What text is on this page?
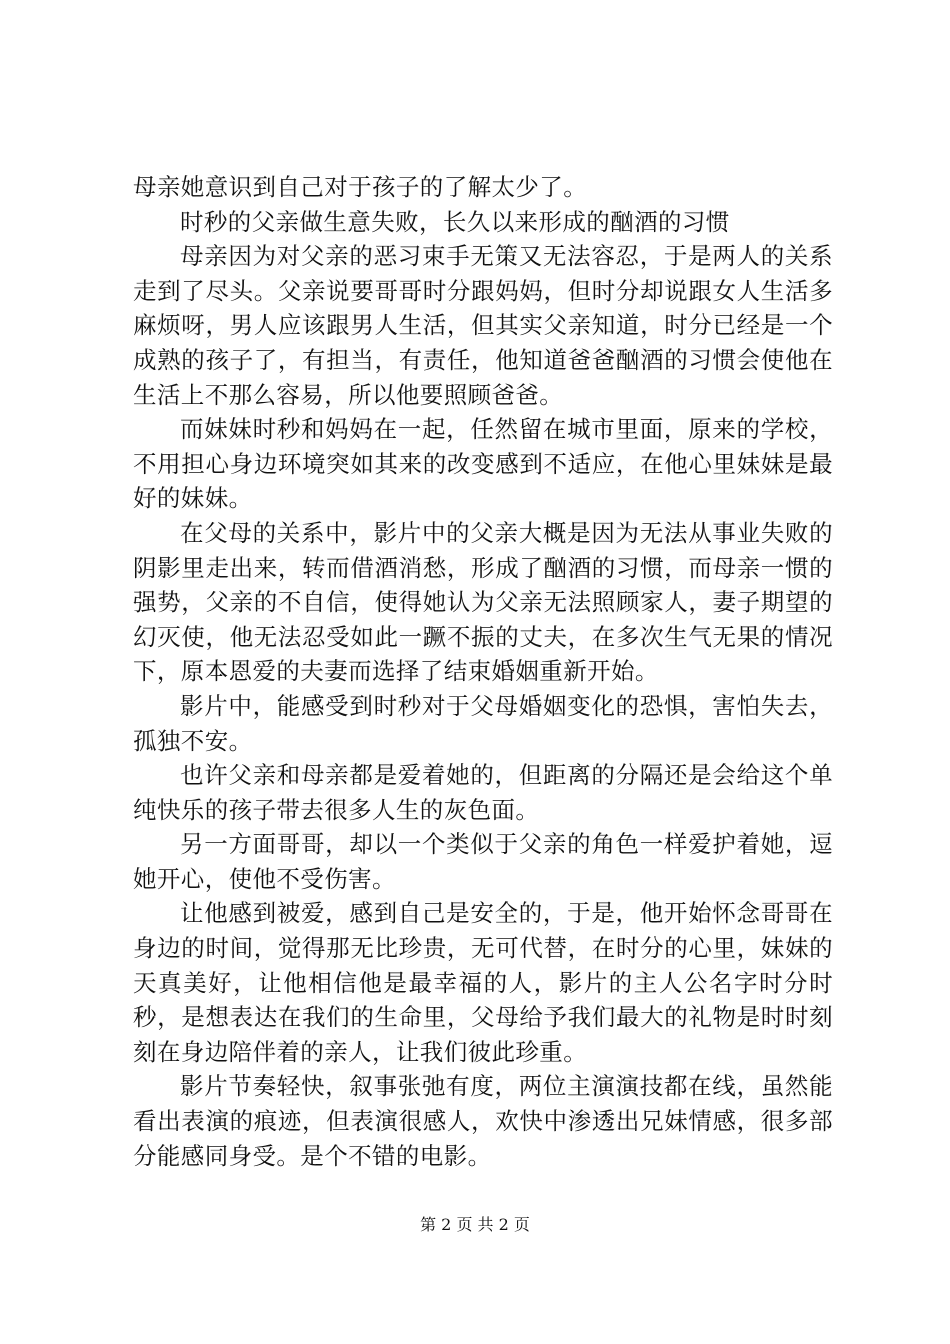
母亲她意识到自己对于孩子的了解太少了。

时秒的父亲做生意失败，长久以来形成的酗酒的习惯

母亲因为对父亲的恶习束手无策又无法容忍，于是两人的关系走到了尽头。父亲说要哥哥时分跟妈妈，但时分却说跟女人生活多麻烦呀，男人应该跟男人生活，但其实父亲知道，时分已经是一个成熟的孩子了，有担当，有责任，他知道爸爸酗酒的习惯会使他在生活上不那么容易，所以他要照顾爸爸。

而妹妹时秒和妈妈在一起，任然留在城市里面，原来的学校，不用担心身边环境突如其来的改变感到不适应，在他心里妹妹是最好的妹妹。

在父母的关系中，影片中的父亲大概是因为无法从事业失败的阴影里走出来，转而借酒消愁，形成了酗酒的习惯，而母亲一惯的强势，父亲的不自信，使得她认为父亲无法照顾家人，妻子期望的幻灭使，他无法忍受如此一蹶不振的丈夫，在多次生气无果的情况下，原本恩爱的夫妻而选择了结束婚姻重新开始。

影片中，能感受到时秒对于父母婚姻变化的恐惧，害怕失去，孤独不安。

也许父亲和母亲都是爱着她的，但距离的分隔还是会给这个单纯快乐的孩子带去很多人生的灰色面。

另一方面哥哥，却以一个类似于父亲的角色一样爱护着她，逗她开心，使他不受伤害。

让他感到被爱，感到自己是安全的，于是，他开始怀念哥哥在身边的时间，觉得那无比珍贵，无可代替，在时分的心里，妹妹的天真美好，让他相信他是最幸福的人，影片的主人公名字时分时秒，是想表达在我们的生命里，父母给予我们最大的礼物是时时刻刻在身边陪伴着的亲人，让我们彼此珍重。

影片节奏轻快，叙事张弛有度，两位主演演技都在线，虽然能看出表演的痕迹，但表演很感人，欢快中渗透出兄妹情感，很多部分能感同身受。是个不错的电影。

第 2 页 共 2 页
